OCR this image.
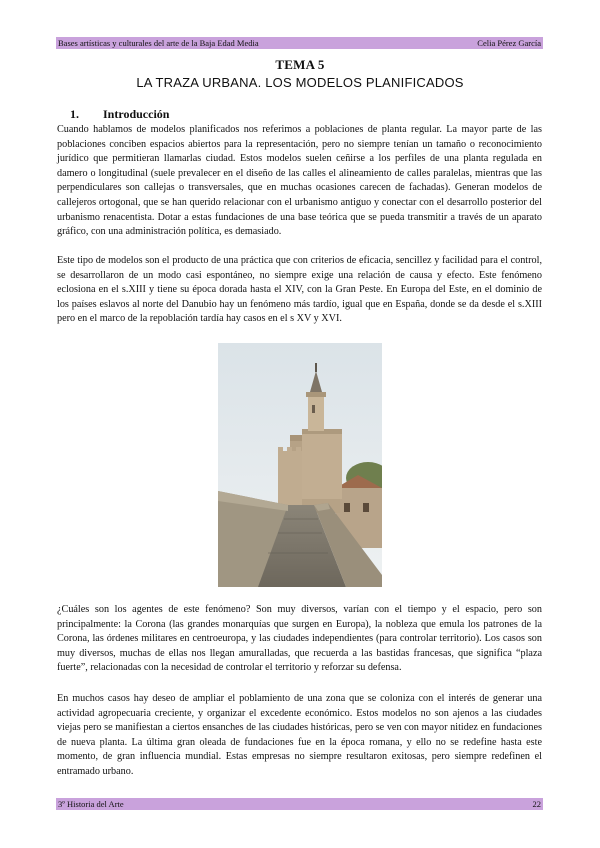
Bases artísticas y culturales del arte de la Baja Edad Media	Celia Pérez García
TEMA 5
LA TRAZA URBANA. LOS MODELOS PLANIFICADOS
1. Introducción

Cuando hablamos de modelos planificados nos referimos a poblaciones de planta regular. La mayor parte de las poblaciones conciben espacios abiertos para la representación, pero no siempre tenían un tamaño o reconocimiento jurídico que permitieran llamarlas ciudad. Estos modelos suelen ceñirse a los perfiles de una planta regulada en damero o longitudinal (suele prevalecer en el diseño de las calles el alineamiento de calles paralelas, mientras que las perpendiculares son callejas o transversales, que en muchas ocasiones carecen de fachadas). Generan modelos de callejeros ortogonal, que se han querido relacionar con el urbanismo antiguo y conectar con el desarrollo posterior del urbanismo renacentista. Dotar a estas fundaciones de una base teórica que se pueda transmitir a través de un aparato gráfico, con una administración política, es demasiado.

Este tipo de modelos son el producto de una práctica que con criterios de eficacia, sencillez y facilidad para el control, se desarrollaron de un modo casi espontáneo, no siempre exige una relación de causa y efecto. Este fenómeno eclosiona en el s.XIII y tiene su época dorada hasta el XIV, con la Gran Peste. En Europa del Este, en el dominio de los países eslavos al norte del Danubio hay un fenómeno más tardío, igual que en España, donde se da desde el s.XIII pero en el marco de la repoblación tardía hay casos en el s XV y XVI.

¿Cuáles son los agentes de este fenómeno? Son muy diversos, varían con el tiempo y el espacio, pero son principalmente: la Corona (las grandes monarquías que surgen en Europa), la nobleza que emula los patrones de la Corona, las órdenes militares en centroeuropa, y las ciudades independientes (para controlar territorio). Los casos son muy diversos, muchas de ellas nos llegan amuralladas, que recuerda a las bastidas francesas, que significa “plaza fuerte”, relacionadas con la necesidad de controlar el territorio y reforzar su defensa.

En muchos casos hay deseo de ampliar el poblamiento de una zona que se coloniza con el interés de generar una actividad agropecuaria creciente, y organizar el excedente económico. Estos modelos no son ajenos a las ciudades viejas pero se manifiestan a ciertos ensanches de las ciudades históricas, pero se ven con mayor nitidez en fundaciones de nueva planta. La última gran oleada de fundaciones fue en la época romana, y ello no se redefine hasta este momento, de gran influencia mundial. Estas empresas no siempre resultaron exitosas, pero siempre redefinen el entramado urbano.

3º Historia del Arte	22
